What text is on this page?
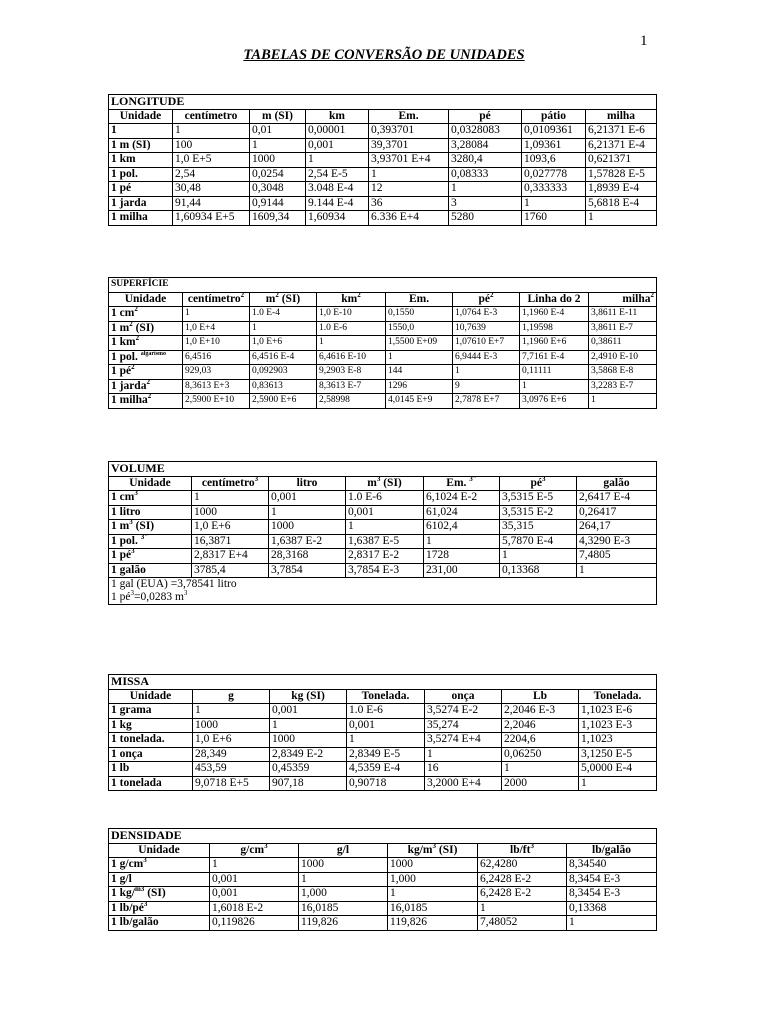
1
TABELAS DE CONVERSÃO DE UNIDADES
LONGITUDE							
Unidade	centímetro	m (SI)	km	Em.	pé	pátio	milha
1	1	0,01	0,00001	0,393701	0,0328083	0,0109361	6,21371 E-6
1 m (SI)	100	1	0,001	39,3701	3,28084	1,09361	6,21371 E-4
1 km	1,0 E+5	1000	1	3,93701 E+4	3280,4	1093,6	0,621371
1 pol.	2,54	0,0254	2,54 E-5	1	0,08333	0,027778	1,57828 E-5
1 pé	30,48	0,3048	3.048 E-4	12	1	0,333333	1,8939 E-4
1 jarda	91,44	0,9144	9.144 E-4	36	3	1	5,6818 E-4
1 milha	1,60934 E+5	1609,34	1,60934	6.336 E+4	5280	1760	1
SUPERFÍCIE							
Unidade	centímetro$^2$	$m^2$ (SI)	$km^2$	Em.	$pé^2$	Linha do 2	milha$^2$
1 $cm^2$	1	1.0 E-4	1,0 E-10	0,1550	1,0764 E-3	1,1960 E-4	3,8611 E-11
1 $m^2$ (SI)	1,0 E+4	1	1.0 E-6	1550,0	10,7639	1,19598	3,8611 E-7
1 $km^2$	1,0 E+10	1,0 E+6	1	1,5500 E+09	1,07610 E+7	1,1960 E+6	0,38611
1 pol. $^{algarismo}$	6,4516	6,4516 E-4	6,4616 E-10	1	6,9444 E-3	7,7161 E-4	2,4910 E-10
1 $pé^2$	929,03	0,092903	9,2903 E-8	144	1	0,11111	3,5868 E-8
1 jarda$^2$	8,3613 E+3	0,83613	8,3613 E-7	1296	9	1	3,2283 E-7
1 milha$^2$	2,5900 E+10	2,5900 E+6	2,58998	4,0145 E+9	2,7878 E+7	3,0976 E+6	1
VOLUME						
Unidade	centímetro$^3$	litro	$m^3$ (SI)	Em. $^{3"}$	$pé^3$	galão
1 $cm^3$	1	0,001	1.0 E-6	6,1024 E-2	3,5315 E-5	2,6417 E-4
1 litro	1000	1	0,001	61,024	3,5315 E-2	0,26417
1 $m^3$ (SI)	1,0 E+6	1000	1	6102,4	35,315	264,17
1 pol. $^{3"}$	16,3871	1,6387 E-2	1,6387 E-5	1	5,7870 E-4	4,3290 E-3
1 $pé^3$	2,8317 E+4	28,3168	2,8317 E-2	1728	1	7,4805
1 galão	3785,4	3,7854	3,7854 E-3	231,00	0,13368	1

1 gal (EUA) =3,78541 litro
1 $pé^3=0,0283$ $m^3$
MISSA						
Unidade	g	kg (SI)	Tonelada.	onça	Lb	Tonelada.
1 grama	1	0,001	1.0 E-6	3,5274 E-2	2,2046 E-3	1,1023 E-6
1 kg	1000	1	0,001	35,274	2,2046	1,1023 E-3
1 tonelada.	1,0 E+6	1000	1	3,5274 E+4	2204,6	1,1023
1 onça	28,349	2,8349 E-2	2,8349 E-5	1	0,06250	3,1250 E-5
1 lb	453,59	0,45359	4,5359 E-4	16	1	5,0000 E-4
1 tonelada	9,0718 E+5	907,18	0,90718	3,2000 E+4	2000	1
DENSIDADE					
Unidade	$g/cm^3$	g/l	$kg/m^3$ (SI)	$lb/ft^3$	lb/galão
1 $g/cm^3$	1	1000	1000	62,4280	8,34540
1 g/l	0,001	1	1,000	6,2428 E-2	8,3454 E-3
1 kg/$^{m3}$ (SI)	0,001	1,000	1	6,2428 E-2	8,3454 E-3
1 $lb/pé^3$	1,6018 E-2	16,0185	16,0185	1	0,13368
1 lb/galão	0,119826	119,826	119,826	7,48052	1
